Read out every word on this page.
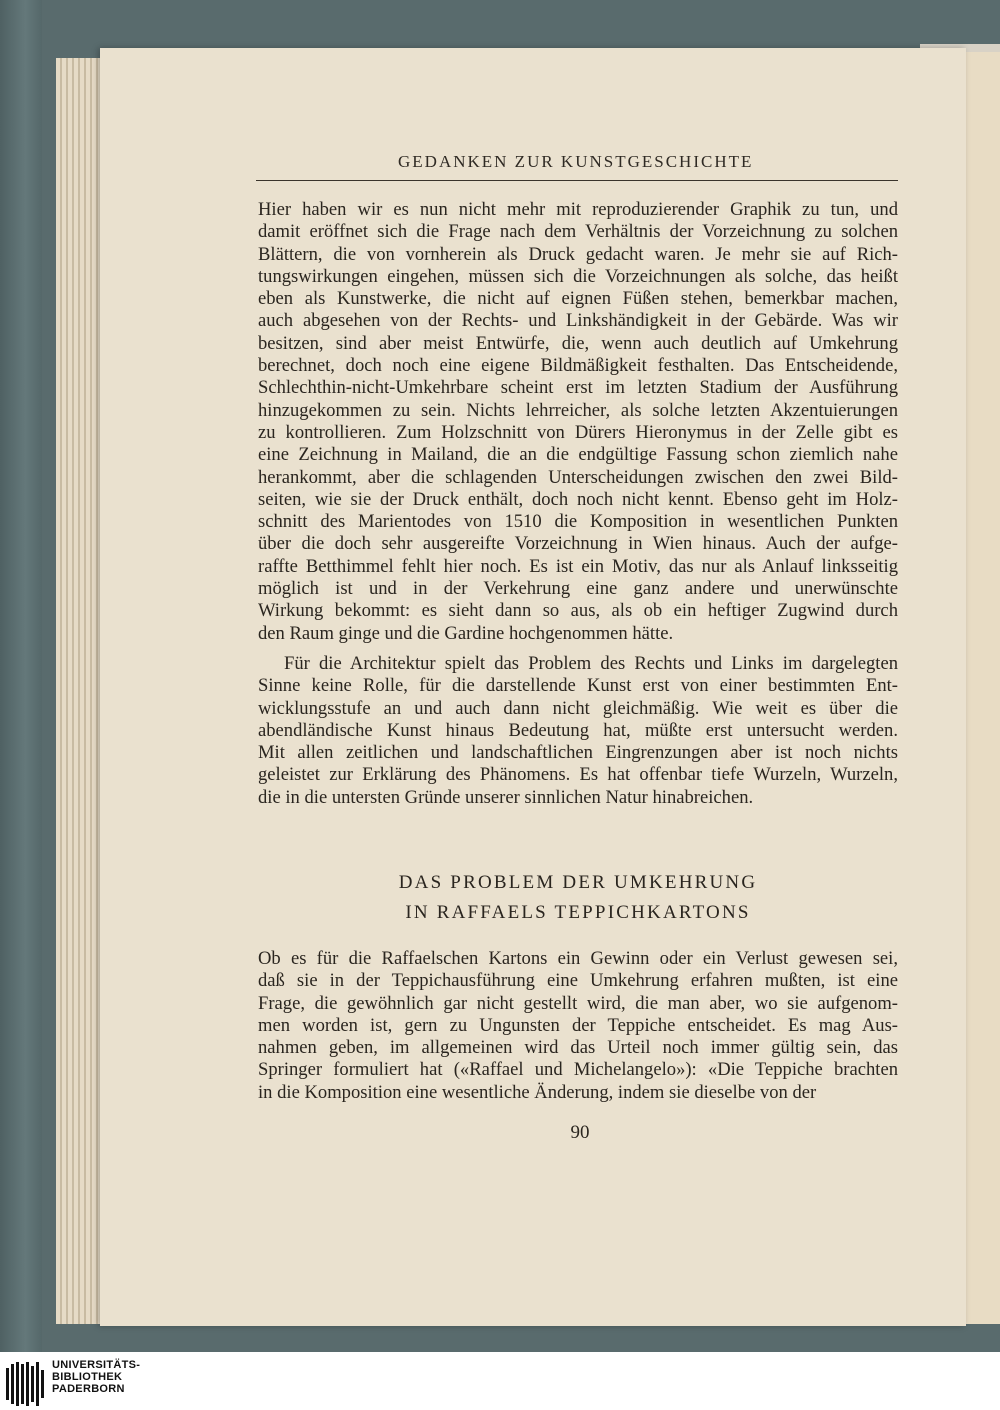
GEDANKEN ZUR KUNSTGESCHICHTE
Hier haben wir es nun nicht mehr mit reproduzierender Graphik zu tun, und
damit eröffnet sich die Frage nach dem Verhältnis der Vorzeichnung zu solchen
Blättern, die von vornherein als Druck gedacht waren. Je mehr sie auf Rich-
tungswirkungen eingehen, müssen sich die Vorzeichnungen als solche, das heißt
eben als Kunstwerke, die nicht auf eignen Füßen stehen, bemerkbar machen,
auch abgesehen von der Rechts- und Linkshändigkeit in der Gebärde. Was wir
besitzen, sind aber meist Entwürfe, die, wenn auch deutlich auf Umkehrung
berechnet, doch noch eine eigene Bildmäßigkeit festhalten. Das Entscheidende,
Schlechthin-nicht-Umkehrbare scheint erst im letzten Stadium der Ausführung
hinzugekommen zu sein. Nichts lehrreicher, als solche letzten Akzentuierungen
zu kontrollieren. Zum Holzschnitt von Dürers Hieronymus in der Zelle gibt es
eine Zeichnung in Mailand, die an die endgültige Fassung schon ziemlich nahe
herankommt, aber die schlagenden Unterscheidungen zwischen den zwei Bild-
seiten, wie sie der Druck enthält, doch noch nicht kennt. Ebenso geht im Holz-
schnitt des Marientodes von 1510 die Komposition in wesentlichen Punkten
über die doch sehr ausgereifte Vorzeichnung in Wien hinaus. Auch der aufge-
raffte Betthimmel fehlt hier noch. Es ist ein Motiv, das nur als Anlauf linksseitig
möglich ist und in der Verkehrung eine ganz andere und unerwünschte
Wirkung bekommt: es sieht dann so aus, als ob ein heftiger Zugwind durch
den Raum ginge und die Gardine hochgenommen hätte.
Für die Architektur spielt das Problem des Rechts und Links im dargelegten
Sinne keine Rolle, für die darstellende Kunst erst von einer bestimmten Ent-
wicklungsstufe an und auch dann nicht gleichmäßig. Wie weit es über die
abendländische Kunst hinaus Bedeutung hat, müßte erst untersucht werden.
Mit allen zeitlichen und landschaftlichen Eingrenzungen aber ist noch nichts
geleistet zur Erklärung des Phänomens. Es hat offenbar tiefe Wurzeln, Wurzeln,
die in die untersten Gründe unserer sinnlichen Natur hinabreichen.
DAS PROBLEM DER UMKEHRUNG
IN RAFFAELS TEPPICHKARTONS
Ob es für die Raffaelschen Kartons ein Gewinn oder ein Verlust gewesen sei,
daß sie in der Teppichausführung eine Umkehrung erfahren mußten, ist eine
Frage, die gewöhnlich gar nicht gestellt wird, die man aber, wo sie aufgenom-
men worden ist, gern zu Ungunsten der Teppiche entscheidet. Es mag Aus-
nahmen geben, im allgemeinen wird das Urteil noch immer gültig sein, das
Springer formuliert hat («Raffael und Michelangelo»): «Die Teppiche brachten
in die Komposition eine wesentliche Änderung, indem sie dieselbe von der
90
UNIVERSITÄTS-
BIBLIOTHEK
PADERBORN
